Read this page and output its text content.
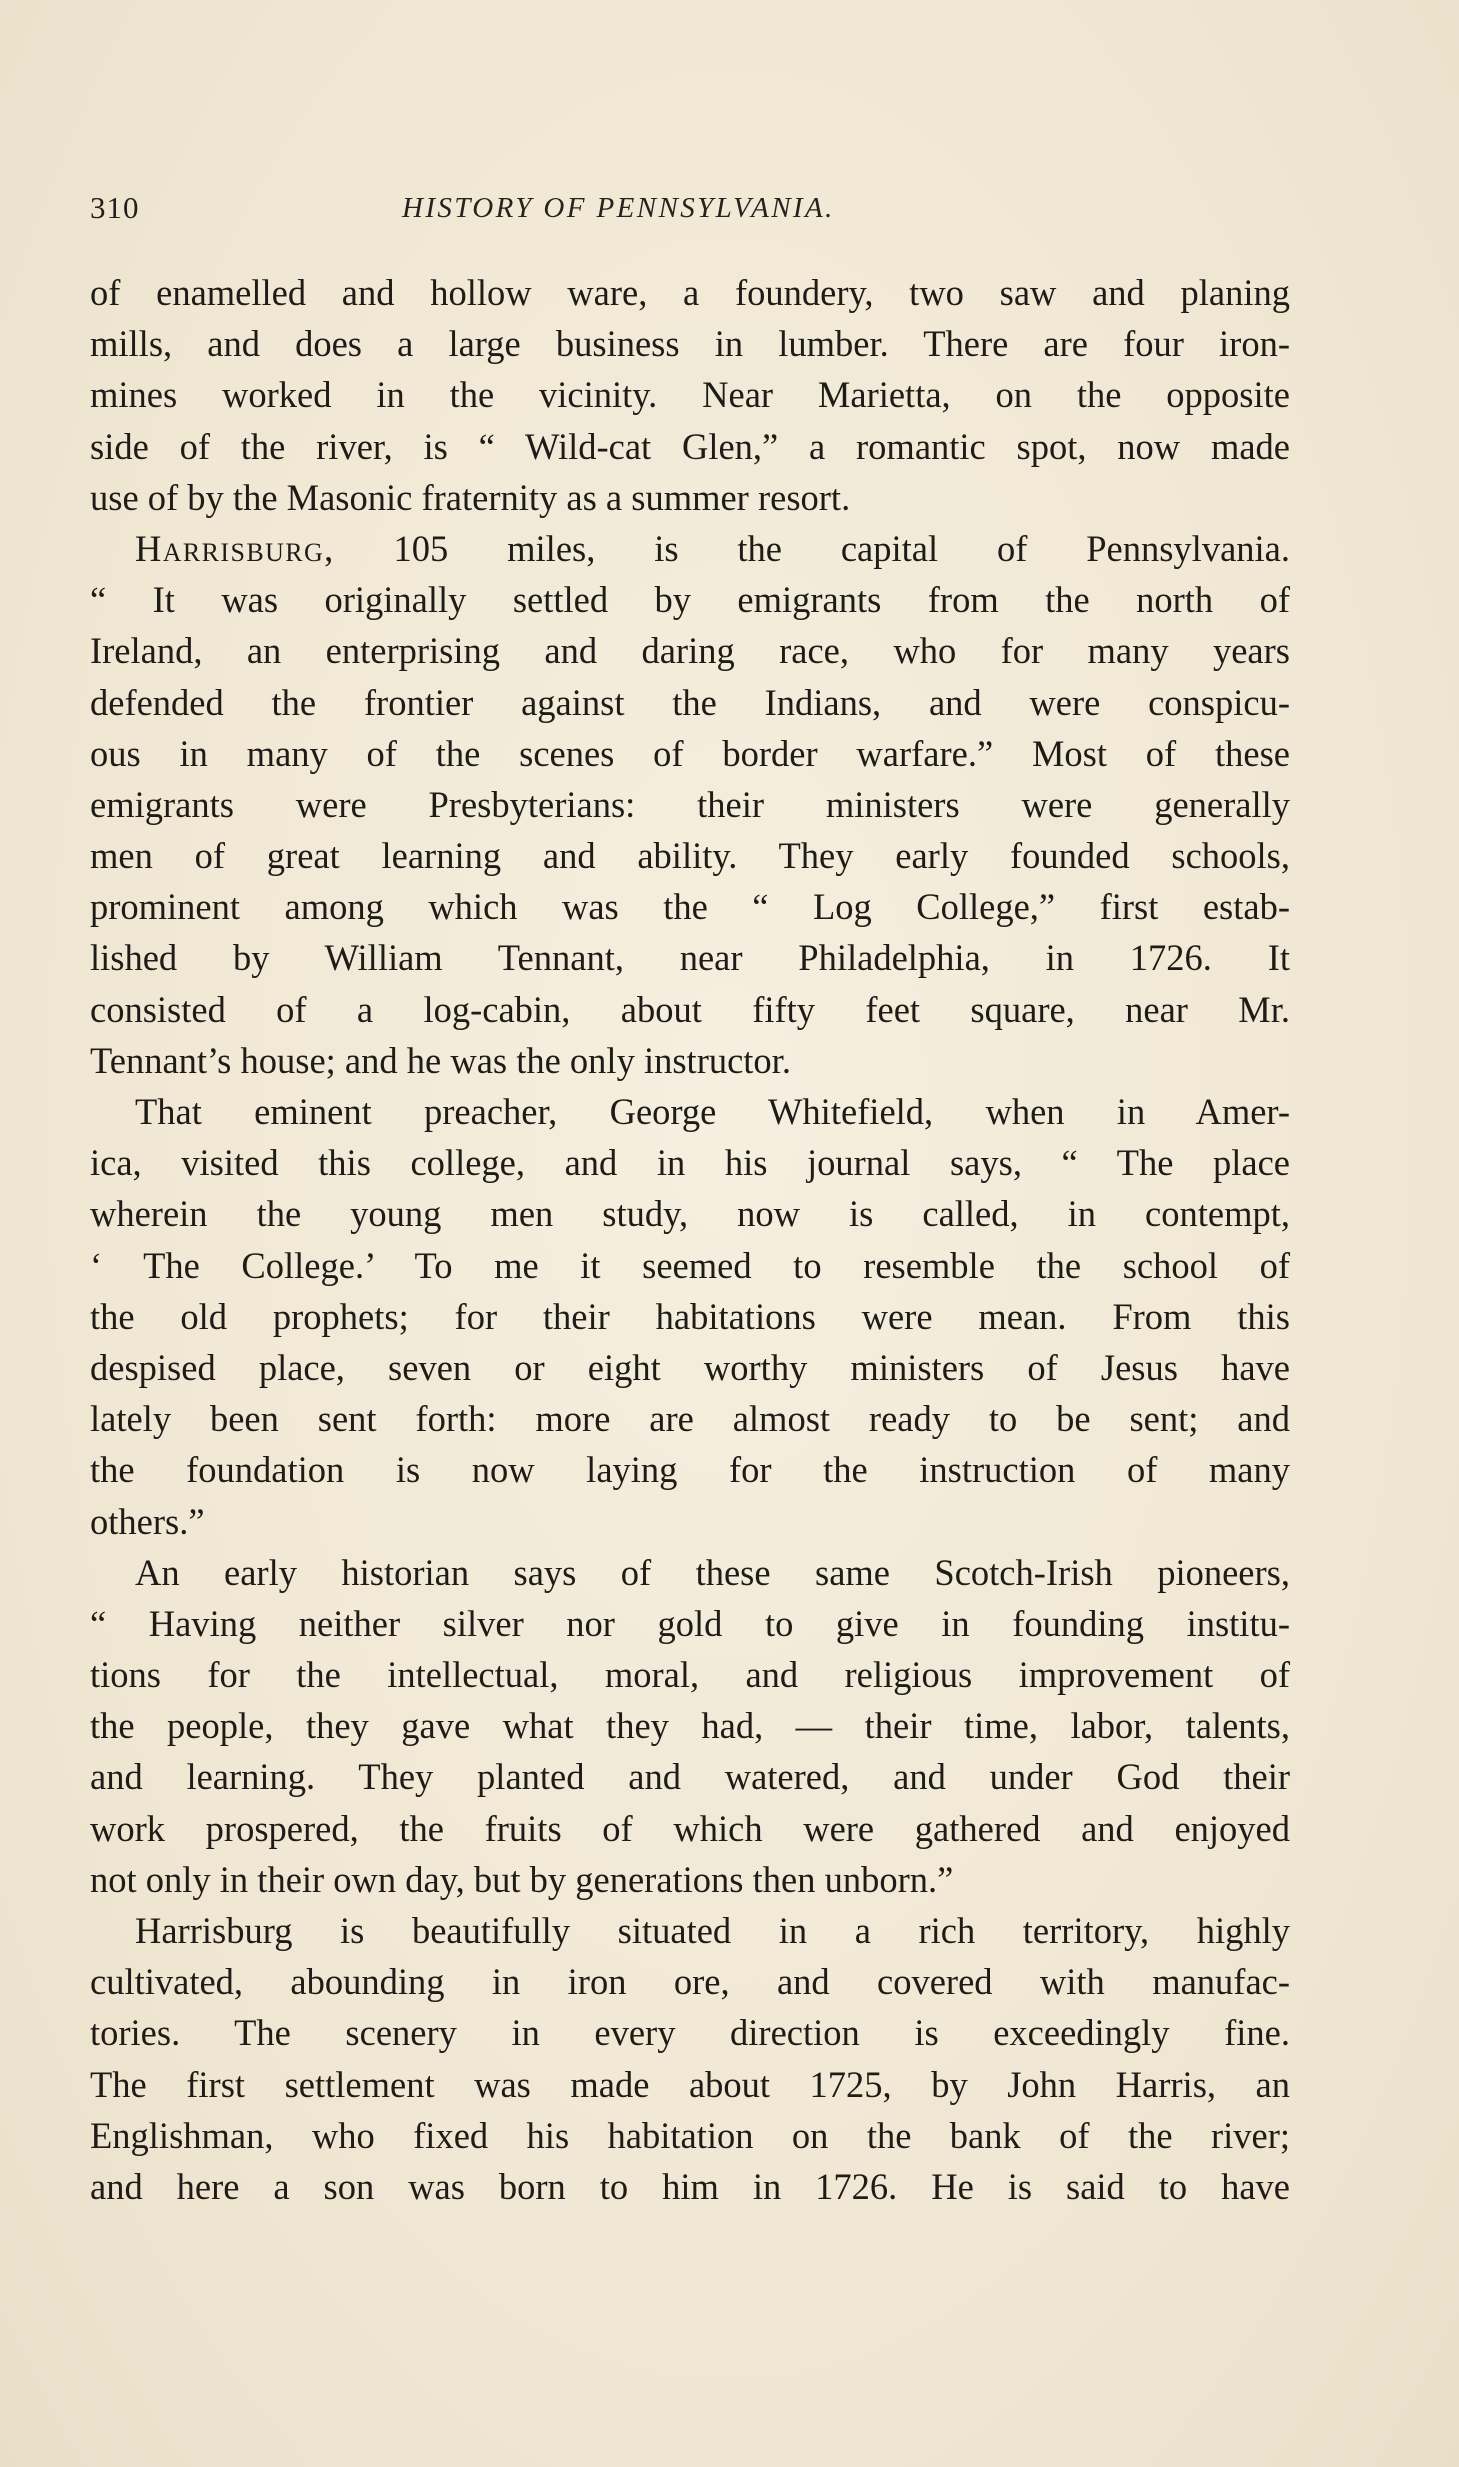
310	HISTORY OF PENNSYLVANIA.
of enamelled and hollow ware, a foundery, two saw and planing
mills, and does a large business in lumber. There are four iron-
mines worked in the vicinity. Near Marietta, on the opposite
side of the river, is “ Wild-cat Glen,” a romantic spot, now made
use of by the Masonic fraternity as a summer resort.
Harrisburg, 105 miles, is the capital of Pennsylvania.
“ It was originally settled by emigrants from the north of
Ireland, an enterprising and daring race, who for many years
defended the frontier against the Indians, and were conspicu-
ous in many of the scenes of border warfare.” Most of these
emigrants were Presbyterians: their ministers were generally
men of great learning and ability. They early founded schools,
prominent among which was the “ Log College,” first estab-
lished by William Tennant, near Philadelphia, in 1726. It
consisted of a log-cabin, about fifty feet square, near Mr.
Tennant’s house; and he was the only instructor.
That eminent preacher, George Whitefield, when in Amer-
ica, visited this college, and in his journal says, “ The place
wherein the young men study, now is called, in contempt,
‘ The College.’ To me it seemed to resemble the school of
the old prophets; for their habitations were mean. From this
despised place, seven or eight worthy ministers of Jesus have
lately been sent forth: more are almost ready to be sent; and
the foundation is now laying for the instruction of many
others.”
An early historian says of these same Scotch-Irish pioneers,
“ Having neither silver nor gold to give in founding institu-
tions for the intellectual, moral, and religious improvement of
the people, they gave what they had, — their time, labor, talents,
and learning. They planted and watered, and under God their
work prospered, the fruits of which were gathered and enjoyed
not only in their own day, but by generations then unborn.”
Harrisburg is beautifully situated in a rich territory, highly
cultivated, abounding in iron ore, and covered with manufac-
tories. The scenery in every direction is exceedingly fine.
The first settlement was made about 1725, by John Harris, an
Englishman, who fixed his habitation on the bank of the river;
and here a son was born to him in 1726. He is said to have
